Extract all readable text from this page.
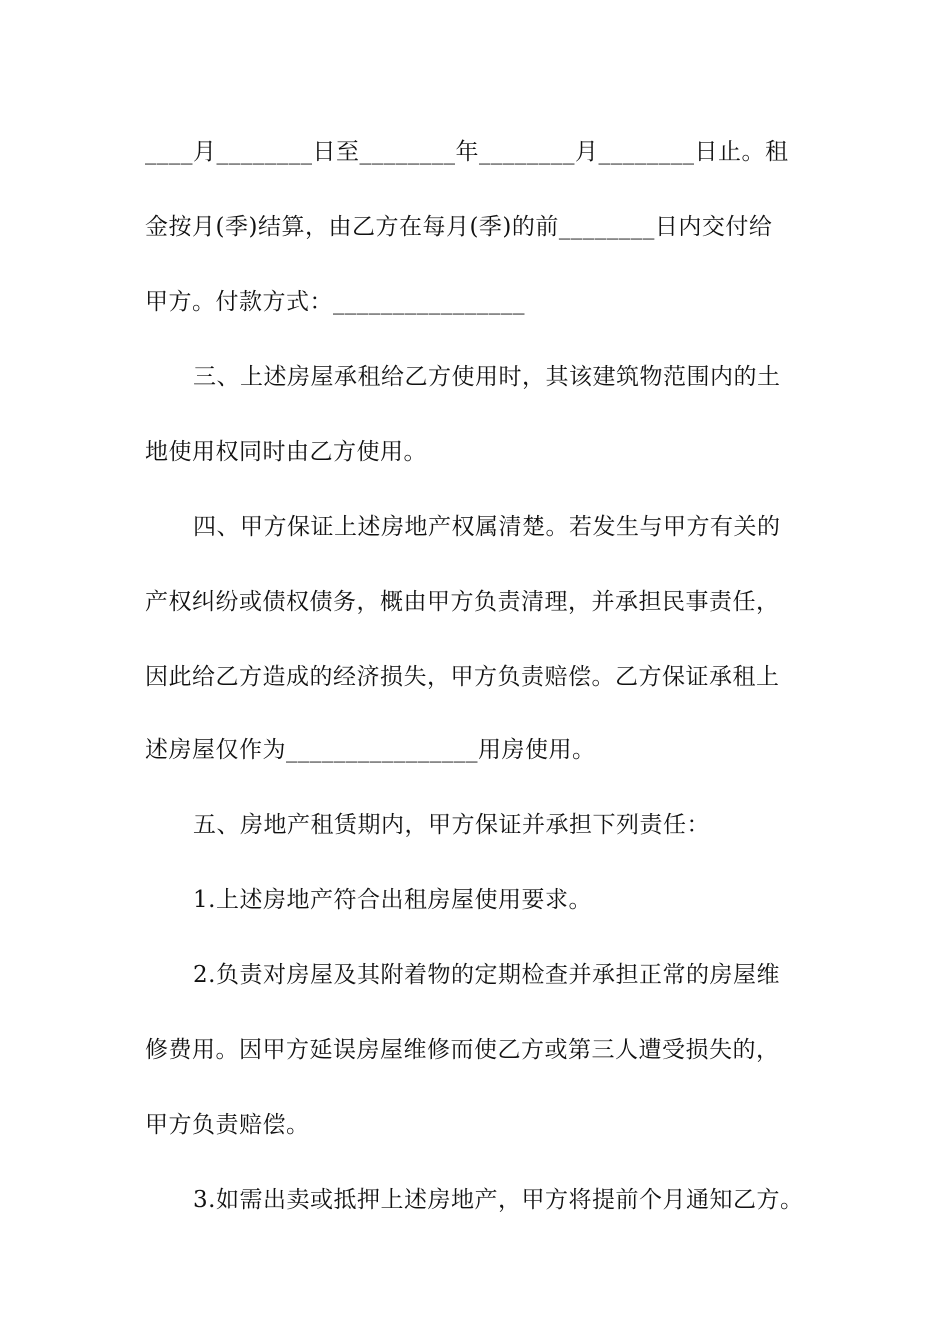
____月________日至________年________月________日止。租
金按月(季)结算，由乙方在每月(季)的前________日内交付给
甲方。付款方式：________________
三、上述房屋承租给乙方使用时，其该建筑物范围内的土
地使用权同时由乙方使用。
四、甲方保证上述房地产权属清楚。若发生与甲方有关的
产权纠纷或债权债务，概由甲方负责清理，并承担民事责任，
因此给乙方造成的经济损失，甲方负责赔偿。乙方保证承租上
述房屋仅作为________________用房使用。
五、房地产租赁期内，甲方保证并承担下列责任：
1.上述房地产符合出租房屋使用要求。
2.负责对房屋及其附着物的定期检查并承担正常的房屋维
修费用。因甲方延误房屋维修而使乙方或第三人遭受损失的，
甲方负责赔偿。
3.如需出卖或抵押上述房地产，甲方将提前个月通知乙方。
